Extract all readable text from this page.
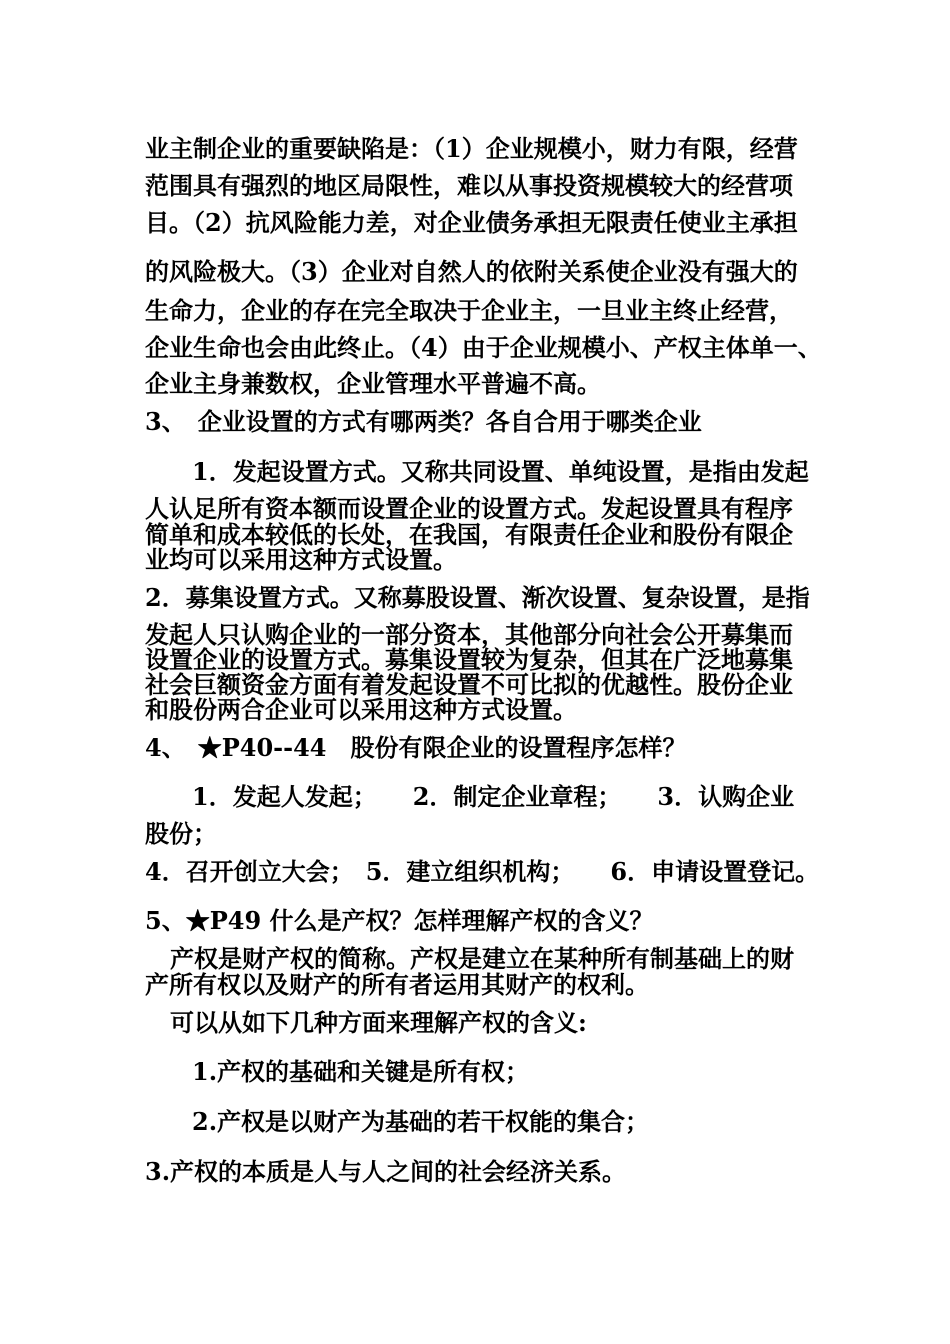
业主制企业的重要缺陷是：（1）企业规模小，财力有限，经营
范围具有强烈的地区局限性，难以从事投资规模较大的经营项
目。（2）抗风险能力差，对企业债务承担无限责任使业主承担
的风险极大。（3）企业对自然人的依附关系使企业没有强大的
生命力，企业的存在完全取决于企业主，一旦业主终止经营，
企业生命也会由此终止。（4）由于企业规模小、产权主体单一、
企业主身兼数权，企业管理水平普遍不高。
3、　企业设置的方式有哪两类？各自合用于哪类企业
1．发起设置方式。又称共同设置、单纯设置，是指由发起
人认足所有资本额而设置企业的设置方式。发起设置具有程序
简单和成本较低的长处，在我国，有限责任企业和股份有限企
业均可以采用这种方式设置。
2．募集设置方式。又称募股设置、渐次设置、复杂设置，是指
发起人只认购企业的一部分资本，其他部分向社会公开募集而
设置企业的设置方式。募集设置较为复杂，但其在广泛地募集
社会巨额资金方面有着发起设置不可比拟的优越性。股份企业
和股份两合企业可以采用这种方式设置。
4、　★P40--44　股份有限企业的设置程序怎样？
1．发起人发起；　　2．制定企业章程；　　3．认购企业
股份；
4．召开创立大会；　5．建立组织机构；　　6．申请设置登记。
5、★P49 什么是产权？怎样理解产权的含义？
产权是财产权的简称。产权是建立在某种所有制基础上的财
产所有权以及财产的所有者运用其财产的权利。
可以从如下几种方面来理解产权的含义:
1.产权的基础和关键是所有权；
2.产权是以财产为基础的若干权能的集合；
3.产权的本质是人与人之间的社会经济关系。
